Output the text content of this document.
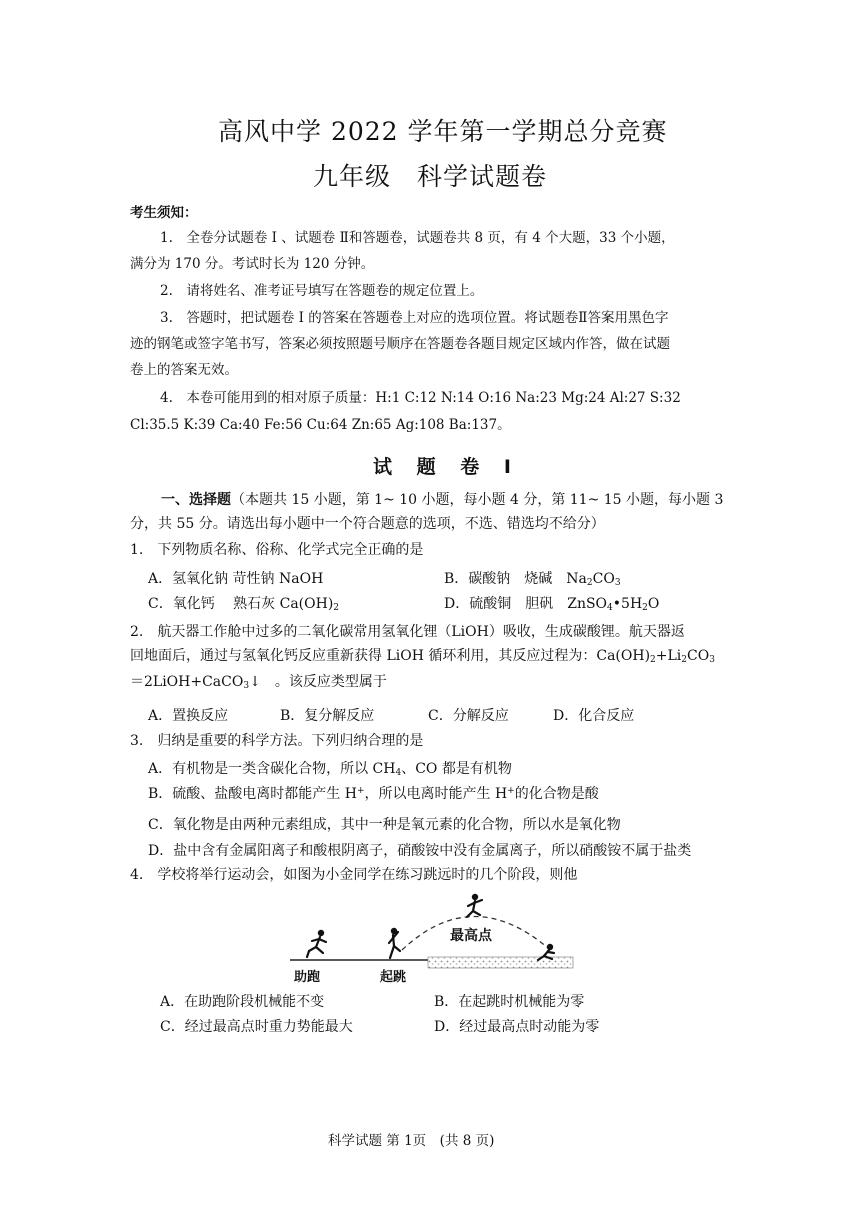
高风中学 2022 学年第一学期总分竞赛
九年级　科学试题卷
考生须知：
1.　全卷分试题卷 Ⅰ 、试题卷 Ⅱ和答题卷，试题卷共 8 页，有 4 个大题，33 个小题，
满分为 170 分。考试时长为 120 分钟。
2.　请将姓名、准考证号填写在答题卷的规定位置上。
3.　答题时，把试题卷 Ⅰ 的答案在答题卷上对应的选项位置。将试题卷Ⅱ答案用黑色字
迹的钢笔或签字笔书写，答案必须按照题号顺序在答题卷各题目规定区域内作答，做在试题
卷上的答案无效。
4.　本卷可能用到的相对原子质量：H:1 C:12 N:14 O:16 Na:23 Mg:24 Al:27 S:32
Cl:35.5 K:39 Ca:40 Fe:56 Cu:64 Zn:65 Ag:108 Ba:137。
试 题 卷 Ⅰ
一、选择题（本题共 15 小题，第 1~ 10 小题，每小题 4 分，第 11~ 15 小题，每小题 3
分，共 55 分。请选出每小题中一个符合题意的选项，不选、错选均不给分）
1.　下列物质名称、俗称、化学式完全正确的是
A．氢氧化钠 苛性钠 NaOH	B．碳酸钠　烧碱　$Na_2CO_3$
C．氧化钙　 熟石灰 $Ca(OH)_2$	D．硫酸铜　胆矾　$ZnSO_4•5H_2O$
2.　航天器工作舱中过多的二氧化碳常用氢氧化锂（LiOH）吸收，生成碳酸锂。航天器返
回地面后，通过与氢氧化钙反应重新获得 LiOH 循环利用，其反应过程为：$Ca(OH)_2+Li_2CO_3$
＝2LiOH+CaCO$_3$↓　。该反应类型属于
A．置换反应	B．复分解反应	C．分解反应	D．化合反应
3.　归纳是重要的科学方法。下列归纳合理的是
A．有机物是一类含碳化合物，所以 $CH_4$、CO 都是有机物
B．硫酸、盐酸电离时都能产生 H+，所以电离时能产生 H+的化合物是酸
C．氧化物是由两种元素组成，其中一种是氧元素的化合物，所以水是氧化物
D．盐中含有金属阳离子和酸根阴离子，硝酸铵中没有金属离子，所以硝酸铵不属于盐类
4.　学校将举行运动会，如图为小金同学在练习跳远时的几个阶段，则他
最高点
助跑	起跳
A．在助跑阶段机械能不变	B．在起跳时机械能为零
C．经过最高点时重力势能最大	D．经过最高点时动能为零
科学试题 第 1页　(共 8 页)
